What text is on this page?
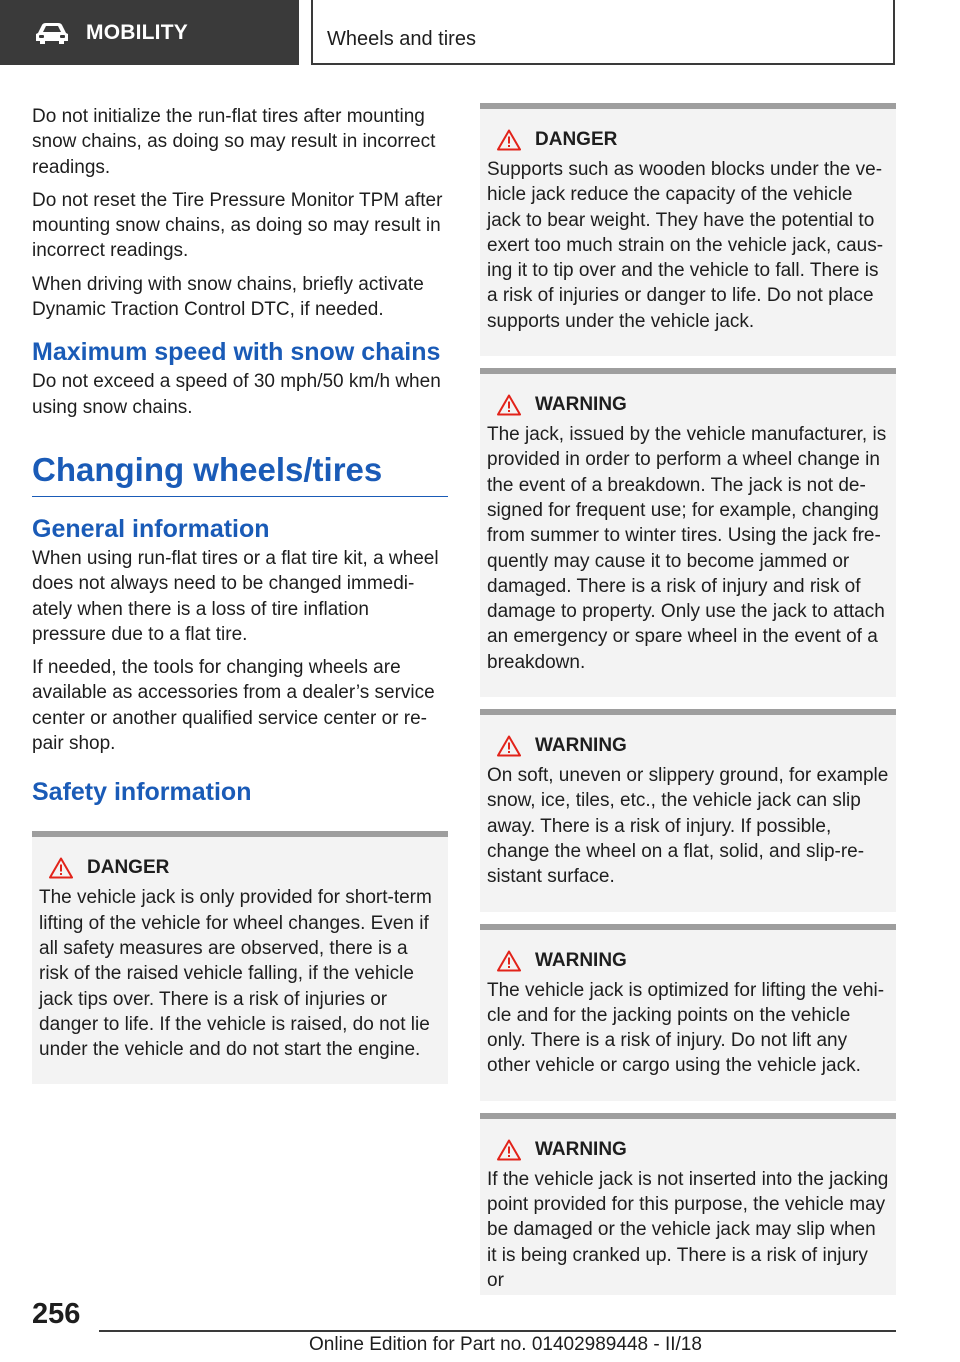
MOBILITY	Wheels and tires

Do not initialize the run-flat tires after mounting snow chains, as doing so may result in incorrect readings.

Do not reset the Tire Pressure Monitor TPM after mounting snow chains, as doing so may result in incorrect readings.

When driving with snow chains, briefly activate Dynamic Traction Control DTC, if needed.

Maximum speed with snow chains

Do not exceed a speed of 30 mph/50 km/h when using snow chains.

Changing wheels/tires
General information

When using run-flat tires or a flat tire kit, a wheel does not always need to be changed immediately when there is a loss of tire inflation pressure due to a flat tire.

If needed, the tools for changing wheels are available as accessories from a dealer’s service center or another qualified service center or repair shop.

Safety information
DANGER

The vehicle jack is only provided for short-term lifting of the vehicle for wheel changes. Even if all safety measures are observed, there is a risk of the raised vehicle falling, if the vehicle jack tips over. There is a risk of injuries or danger to life. If the vehicle is raised, do not lie under the vehicle and do not start the engine.

DANGER

Supports such as wooden blocks under the vehicle jack reduce the capacity of the vehicle jack to bear weight. They have the potential to exert too much strain on the vehicle jack, causing it to tip over and the vehicle to fall. There is a risk of injuries or danger to life. Do not place supports under the vehicle jack.

WARNING

The jack, issued by the vehicle manufacturer, is provided in order to perform a wheel change in the event of a breakdown. The jack is not designed for frequent use; for example, changing from summer to winter tires. Using the jack frequently may cause it to become jammed or damaged. There is a risk of injury and risk of damage to property. Only use the jack to attach an emergency or spare wheel in the event of a breakdown.

WARNING

On soft, uneven or slippery ground, for example snow, ice, tiles, etc., the vehicle jack can slip away. There is a risk of injury. If possible, change the wheel on a flat, solid, and slip-resistant surface.

WARNING

The vehicle jack is optimized for lifting the vehicle and for the jacking points on the vehicle only. There is a risk of injury. Do not lift any other vehicle or cargo using the vehicle jack.

WARNING

If the vehicle jack is not inserted into the jacking point provided for this purpose, the vehicle may be damaged or the vehicle jack may slip when it is being cranked up. There is a risk of injury or

256
Online Edition for Part no. 01402989448 - II/18
